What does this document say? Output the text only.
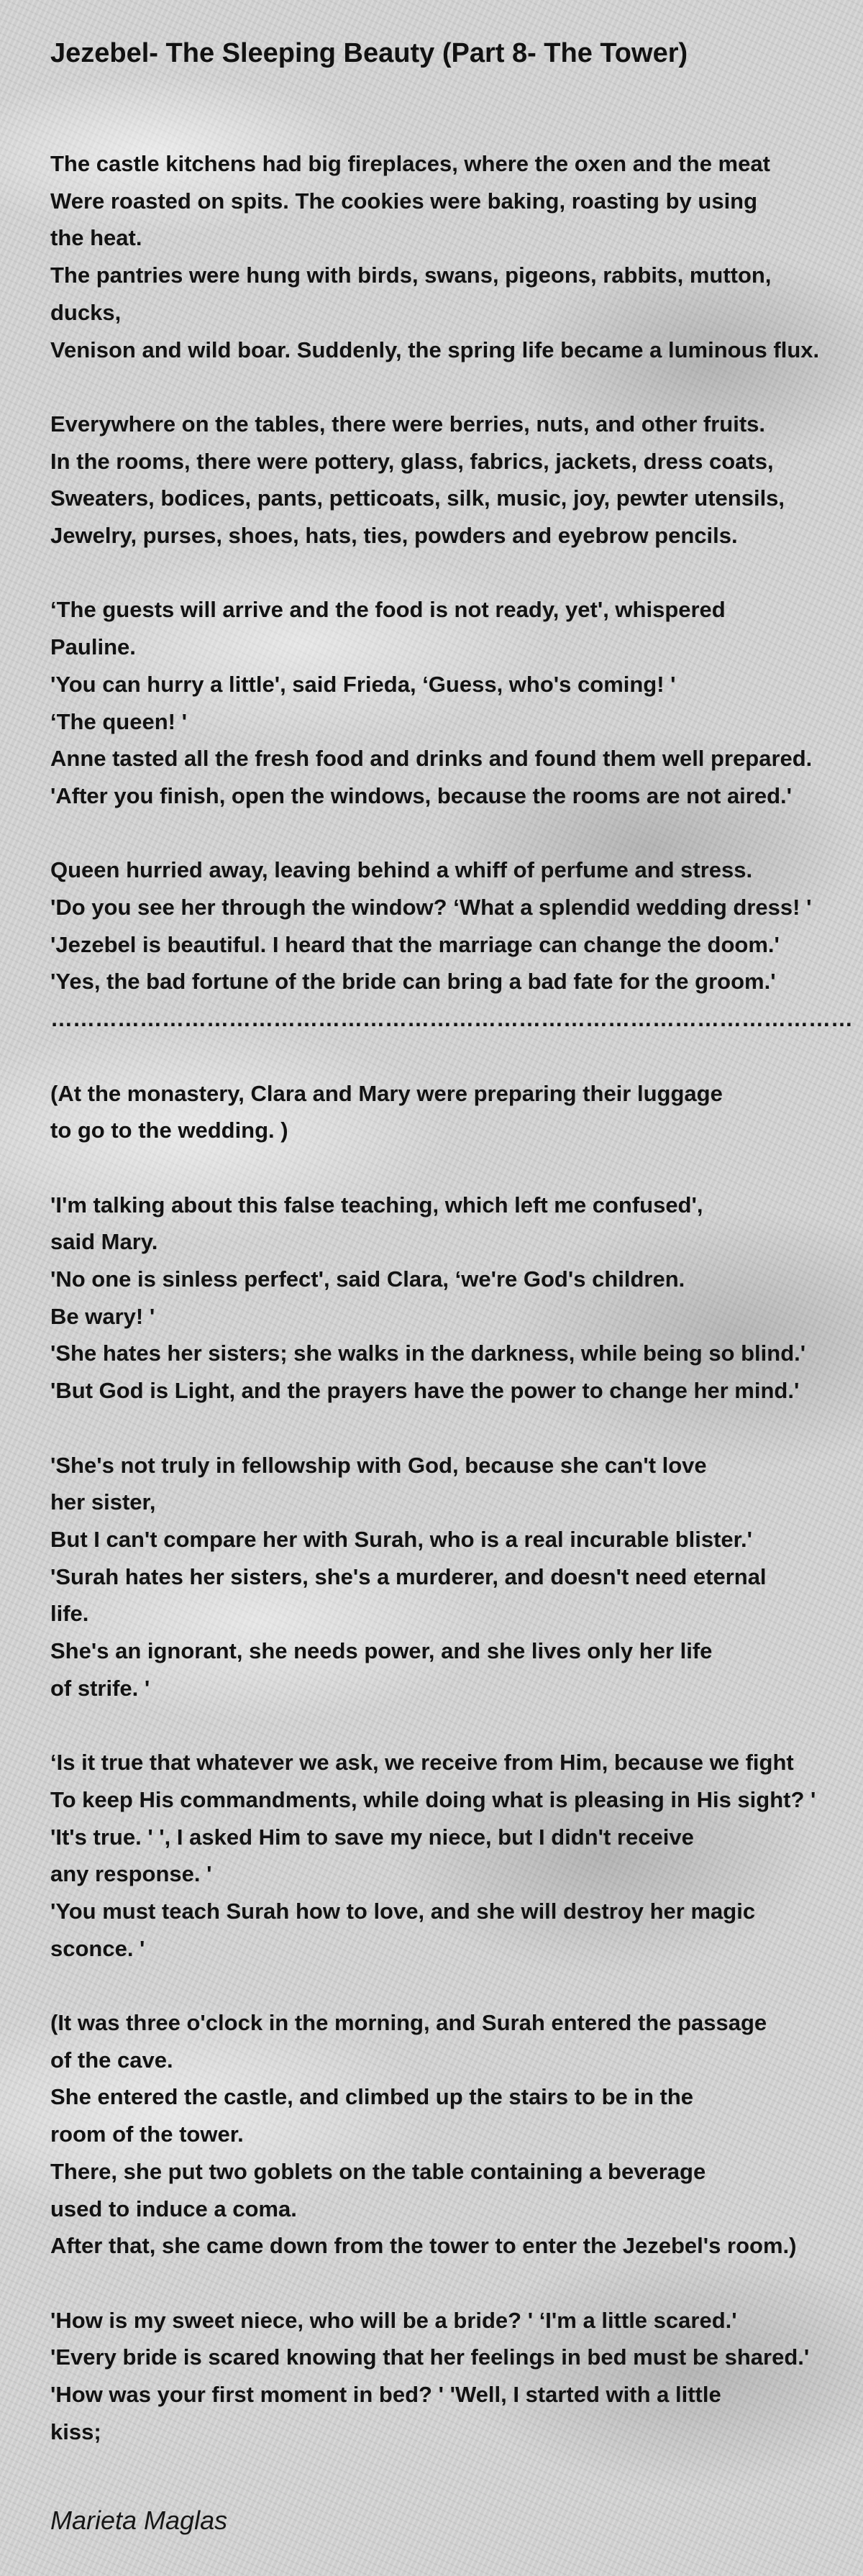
Jezebel- The Sleeping Beauty (Part 8- The Tower)
The castle kitchens had big fireplaces, where the oxen and the meat
Were roasted on spits. The cookies were baking, roasting by using
the heat.
The pantries were hung with birds, swans, pigeons, rabbits, mutton,
ducks,
Venison and wild boar. Suddenly, the spring life became a luminous flux.
Everywhere on the tables, there were berries, nuts, and other fruits.
In the rooms, there were pottery, glass, fabrics, jackets, dress coats,
Sweaters, bodices, pants, petticoats, silk, music, joy, pewter utensils,
Jewelry, purses, shoes, hats, ties, powders and eyebrow pencils.
‘The guests will arrive and the food is not ready, yet', whispered
Pauline.
'You can hurry a little', said Frieda, ‘Guess, who's coming! '
‘The queen! '
Anne tasted all the fresh food and drinks and found them well prepared.
'After you finish, open the windows, because the rooms are not aired.'
Queen hurried away, leaving behind a whiff of perfume and stress.
'Do you see her through the window? ‘What a splendid wedding dress! '
'Jezebel is beautiful. I heard that the marriage can change the doom.'
'Yes, the bad fortune of the bride can bring a bad fate for the groom.'
………………………………………………………………………………………………
(At the monastery, Clara and Mary were preparing their luggage
to go to the wedding. )
'I'm talking about this false teaching, which left me confused',
said Mary.
'No one is sinless perfect', said Clara, ‘we're God's children.
Be wary! '
'She hates her sisters; she walks in the darkness, while being so blind.'
'But God is Light, and the prayers have the power to change her mind.'
'She's not truly in fellowship with God, because she can't love
her sister,
But I can't compare her with Surah, who is a real incurable blister.'
'Surah hates her sisters, she's a murderer, and doesn't need eternal
life.
She's an ignorant, she needs power, and she lives only her life
of strife. '
‘Is it true that whatever we ask, we receive from Him, because we fight
To keep His commandments, while doing what is pleasing in His sight? '
'It's true. ' ', I asked Him to save my niece, but I didn't receive
any response. '
'You must teach Surah how to love, and she will destroy her magic
sconce. '
(It was three o'clock in the morning, and Surah entered the passage
of the cave.
She entered the castle, and climbed up the stairs to be in the
room of the tower.
There, she put two goblets on the table containing a beverage
used to induce a coma.
After that, she came down from the tower to enter the Jezebel's room.)
'How is my sweet niece, who will be a bride? ' ‘I'm a little scared.'
'Every bride is scared knowing that her feelings in bed must be shared.'
'How was your first moment in bed? ' 'Well, I started with a little
kiss;
Marieta Maglas
